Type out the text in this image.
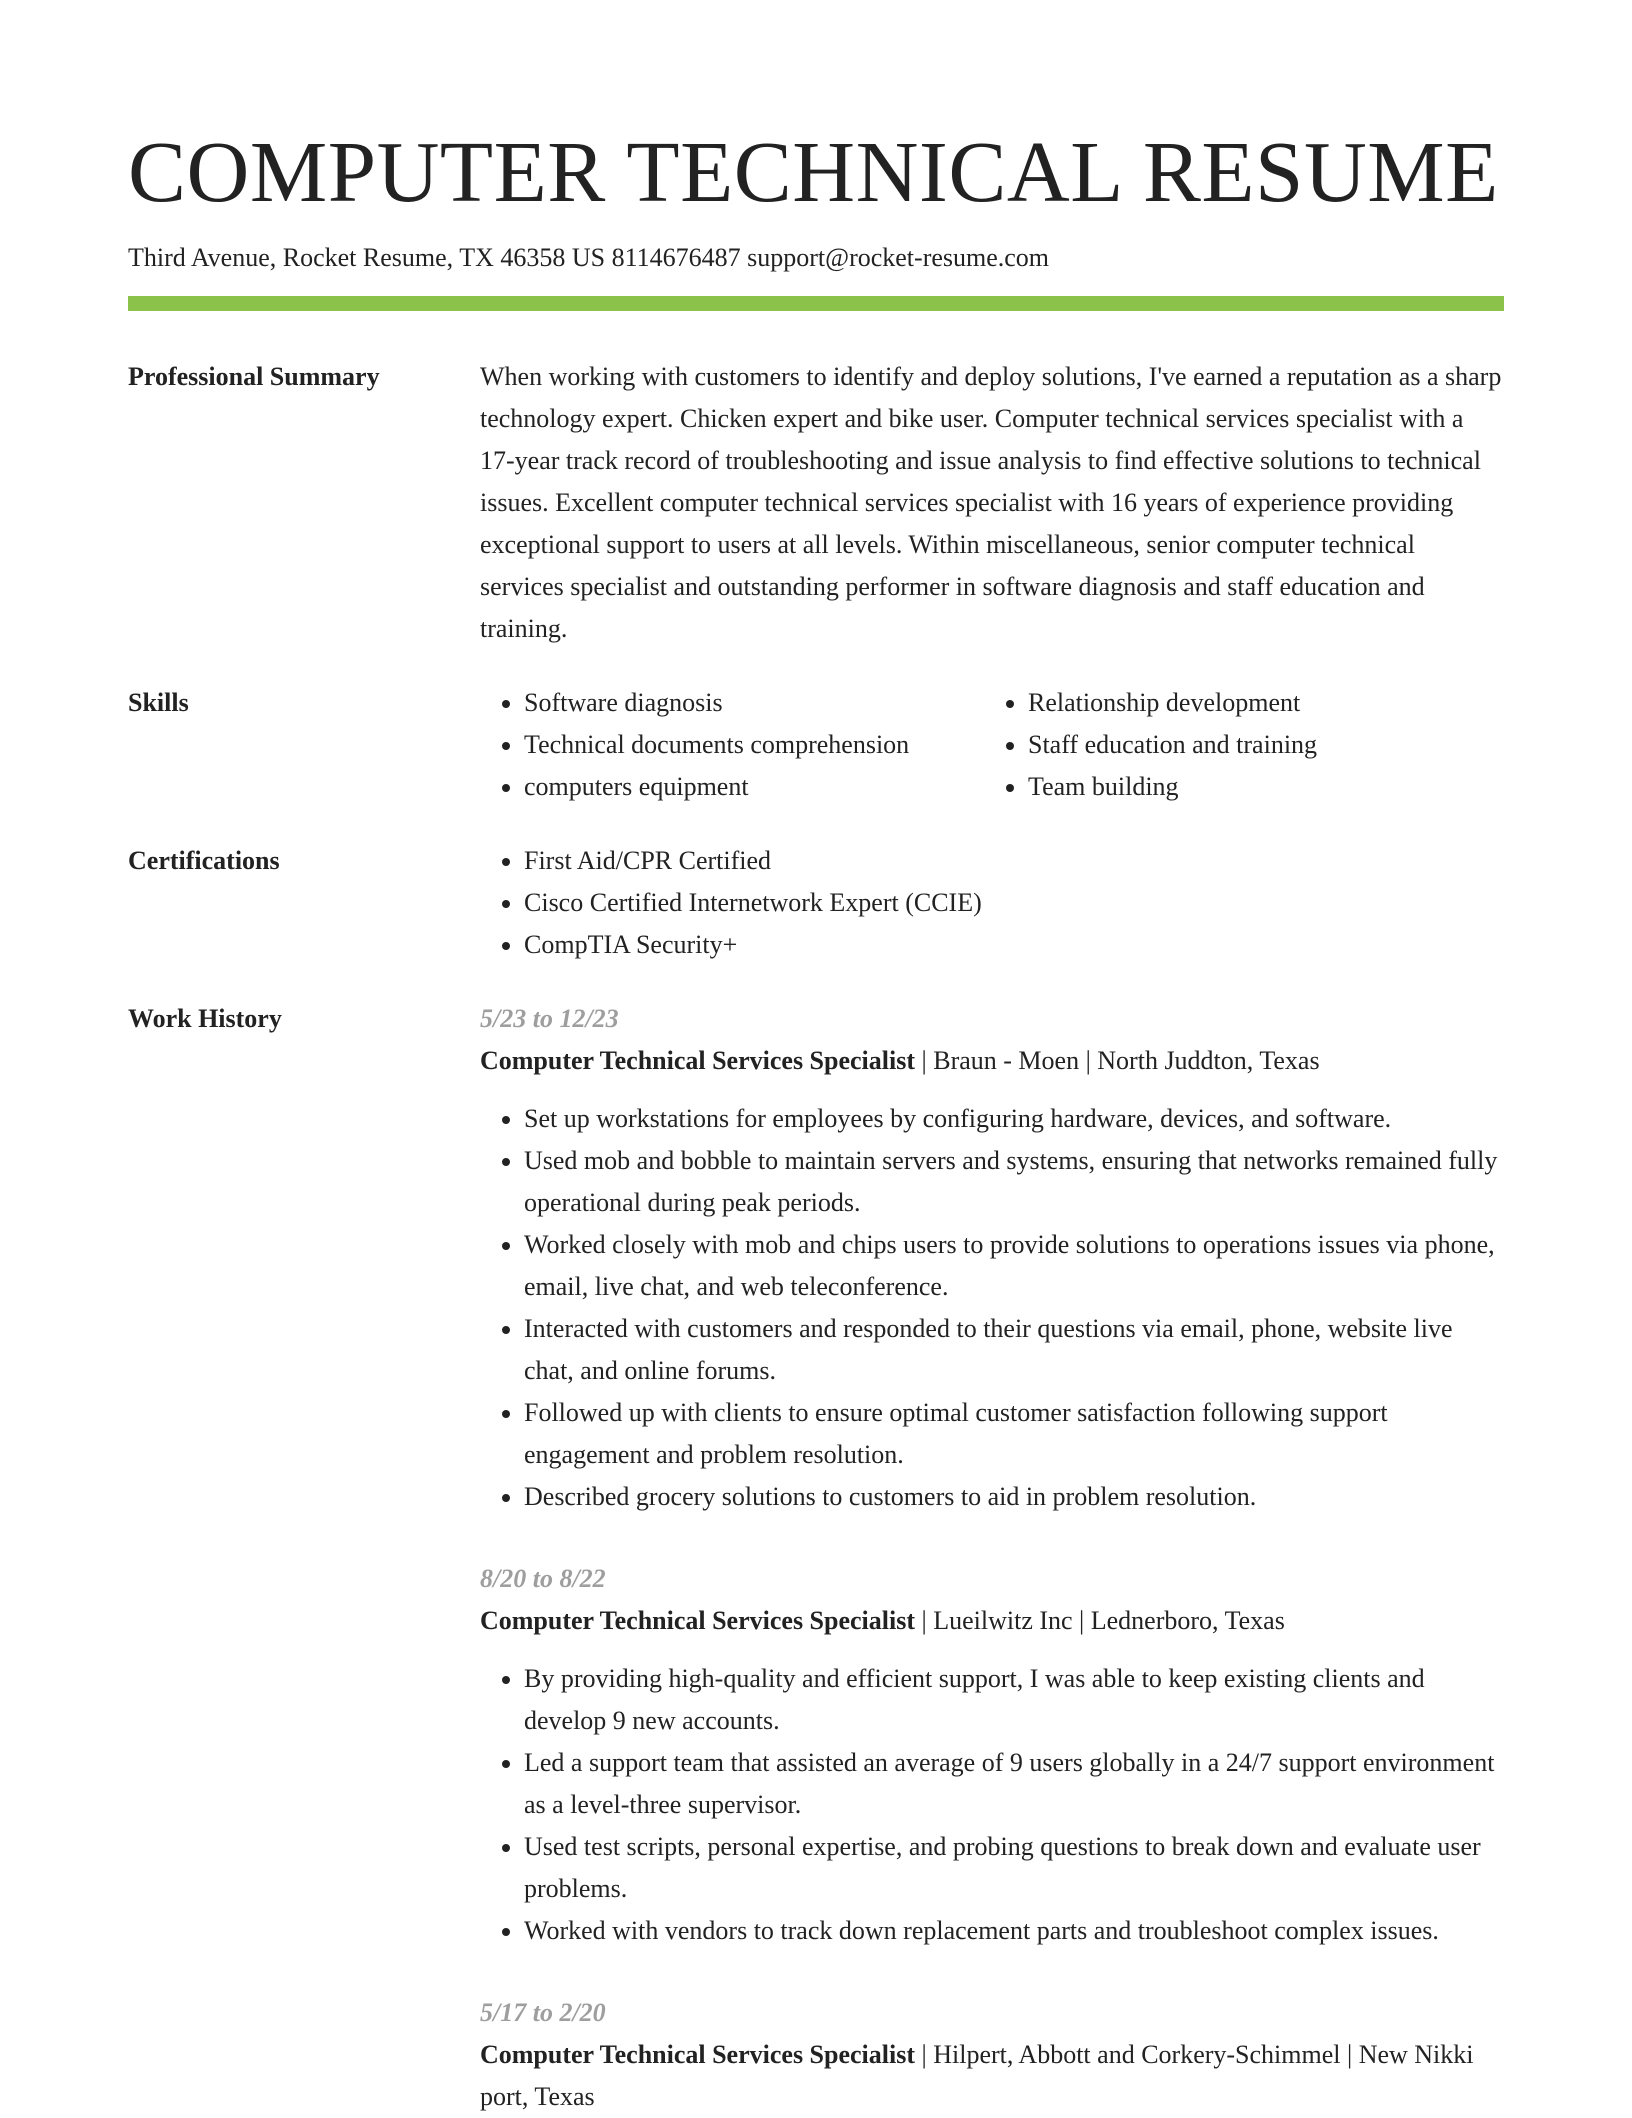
COMPUTER TECHNICAL RESUME
Third Avenue, Rocket Resume, TX 46358 US 8114676487 support@rocket-resume.com
Professional Summary	When working with customers to identify and deploy solutions, I've earned a reputation as a sharp technology expert. Chicken expert and bike user. Computer technical services specialist with a 17-year track record of troubleshooting and issue analysis to find effective solutions to technical issues. Excellent computer technical services specialist with 16 years of experience providing exceptional support to users at all levels. Within miscellaneous, senior computer technical services specialist and outstanding performer in software diagnosis and staff education and training.

Skills	• Software diagnosis
• Technical documents comprehension
• computers equipment
• Relationship development
• Staff education and training
• Team building
Certifications	• First Aid/CPR Certified
• Cisco Certified Internetwork Expert (CCIE)
• CompTIA Security+
Work History	5/23 to 12/23
Computer Technical Services Specialist | Braun - Moen | North Juddton, Texas
• Set up workstations for employees by configuring hardware, devices, and software.
• Used mob and bobble to maintain servers and systems, ensuring that networks remained fully operational during peak periods.
• Worked closely with mob and chips users to provide solutions to operations issues via phone, email, live chat, and web teleconference.
• Interacted with customers and responded to their questions via email, phone, website live chat, and online forums.
• Followed up with clients to ensure optimal customer satisfaction following support engagement and problem resolution.
• Described grocery solutions to customers to aid in problem resolution.
8/20 to 8/22
Computer Technical Services Specialist | Lueilwitz Inc | Lednerboro, Texas
• By providing high-quality and efficient support, I was able to keep existing clients and develop 9 new accounts.
• Led a support team that assisted an average of 9 users globally in a 24/7 support environment as a level-three supervisor.
• Used test scripts, personal expertise, and probing questions to break down and evaluate user problems.
• Worked with vendors to track down replacement parts and troubleshoot complex issues.
5/17 to 2/20
Computer Technical Services Specialist | Hilpert, Abbott and Corkery-Schimmel | New Nikki port, Texas
